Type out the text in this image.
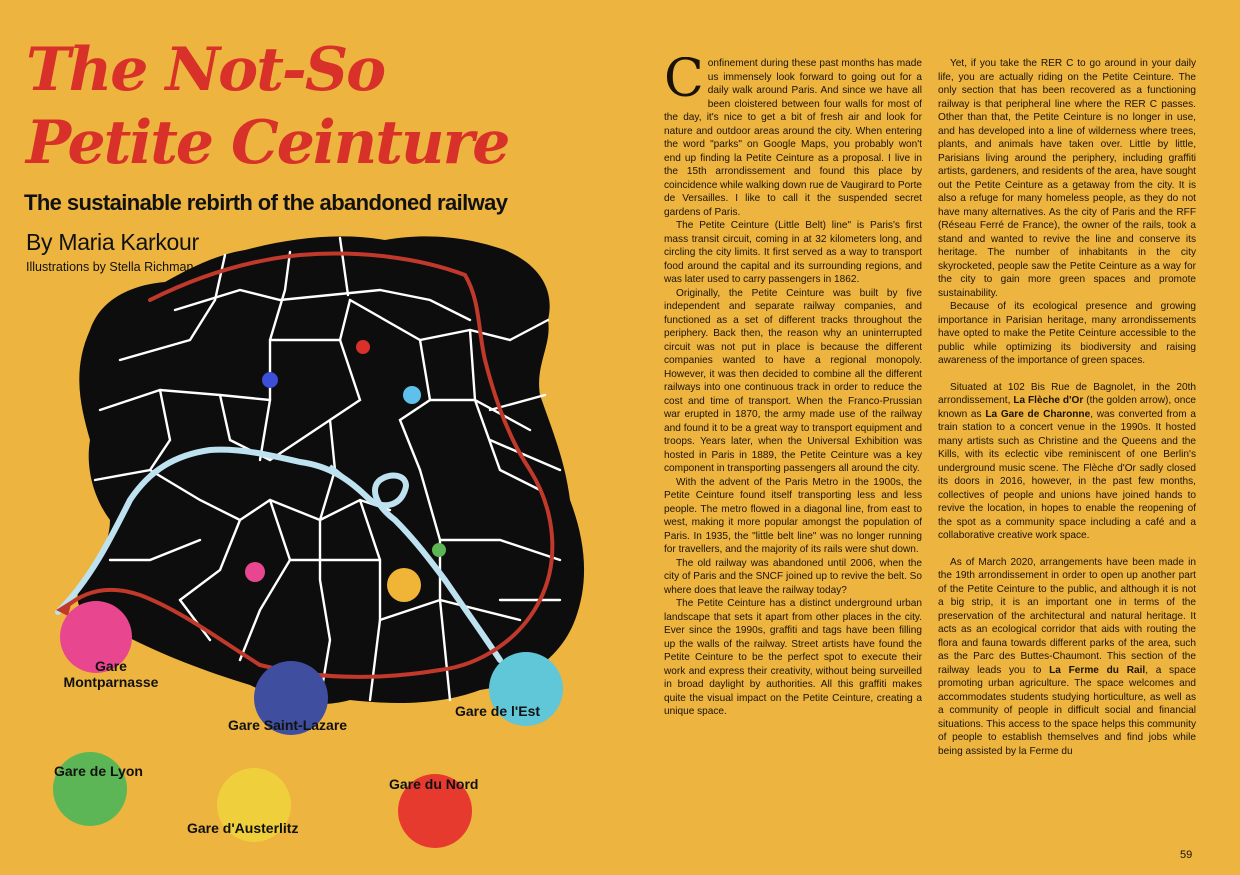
The Not-So
Petite Ceinture
The sustainable rebirth of the abandoned railway
By Maria Karkour
Illustrations by Stella Richman
Gare
Montparnasse
Gare Saint-Lazare
Gare de l'Est
Gare de Lyon
Gare d'Austerlitz
Gare du Nord

Confinement during these past months has made us immensely look forward to going out for a daily walk around Paris. And since we have all been cloistered between four walls for most of the day, it's nice to get a bit of fresh air and look for nature and outdoor areas around the city. When entering the word "parks" on Google Maps, you probably won't end up finding la Petite Ceinture as a proposal. I live in the 15th arrondissement and found this place by coincidence while walking down rue de Vaugirard to Porte de Versailles. I like to call it the suspended secret gardens of Paris.

The Petite Ceinture (Little Belt) line" is Paris's first mass transit circuit, coming in at 32 kilometers long, and circling the city limits. It first served as a way to transport food around the capital and its surrounding regions, and was later used to carry passengers in 1862.

Originally, the Petite Ceinture was built by five independent and separate railway companies, and functioned as a set of different tracks throughout the periphery. Back then, the reason why an uninterrupted circuit was not put in place is because the different companies wanted to have a regional monopoly. However, it was then decided to combine all the different railways into one continuous track in order to reduce the cost and time of transport. When the Franco-Prussian war erupted in 1870, the army made use of the railway and found it to be a great way to transport equipment and troops. Years later, when the Universal Exhibition was hosted in Paris in 1889, the Petite Ceinture was a key component in transporting passengers all around the city.

With the advent of the Paris Metro in the 1900s, the Petite Ceinture found itself transporting less and less people. The metro flowed in a diagonal line, from east to west, making it more popular amongst the population of Paris. In 1935, the "little belt line" was no longer running for travellers, and the majority of its rails were shut down.

The old railway was abandoned until 2006, when the city of Paris and the SNCF joined up to revive the belt. So where does that leave the railway today?

The Petite Ceinture has a distinct underground urban landscape that sets it apart from other places in the city. Ever since the 1990s, graffiti and tags have been filling up the walls of the railway. Street artists have found the Petite Ceinture to be the perfect spot to execute their work and express their creativity, without being surveilled in broad daylight by authorities. All this graffiti makes quite the visual impact on the Petite Ceinture, creating a unique space.

Yet, if you take the RER C to go around in your daily life, you are actually riding on the Petite Ceinture. The only section that has been recovered as a functioning railway is that peripheral line where the RER C passes. Other than that, the Petite Ceinture is no longer in use, and has developed into a line of wilderness where trees, plants, and animals have taken over. Little by little, Parisians living around the periphery, including graffiti artists, gardeners, and residents of the area, have sought out the Petite Ceinture as a getaway from the city. It is also a refuge for many homeless people, as they do not have many alternatives. As the city of Paris and the RFF (Réseau Ferré de France), the owner of the rails, took a stand and wanted to revive the line and conserve its heritage. The number of inhabitants in the city skyrocketed, people saw the Petite Ceinture as a way for the city to gain more green spaces and promote sustainability.

Because of its ecological presence and growing importance in Parisian heritage, many arrondissements have opted to make the Petite Ceinture accessible to the public while optimizing its biodiversity and raising awareness of the importance of green spaces.

Situated at 102 Bis Rue de Bagnolet, in the 20th arrondissement, La Flèche d'Or (the golden arrow), once known as La Gare de Charonne, was converted from a train station to a concert venue in the 1990s. It hosted many artists such as Christine and the Queens and the Kills, with its eclectic vibe reminiscent of one Berlin's underground music scene. The Flèche d'Or sadly closed its doors in 2016, however, in the past few months, collectives of people and unions have joined hands to revive the location, in hopes to enable the reopening of the spot as a community space including a café and a collaborative creative work space.

As of March 2020, arrangements have been made in the 19th arrondissement in order to open up another part of the Petite Ceinture to the public, and although it is not a big strip, it is an important one in terms of the preservation of the architectural and natural heritage. It acts as an ecological corridor that aids with routing the flora and fauna towards different parks of the area, such as the Parc des Buttes-Chaumont. This section of the railway leads you to La Ferme du Rail, a space promoting urban agriculture. The space welcomes and accommodates students studying horticulture, as well as a community of people in difficult social and financial situations. This access to the space helps this community of people to establish themselves and find jobs while being assisted by la Ferme du

59
